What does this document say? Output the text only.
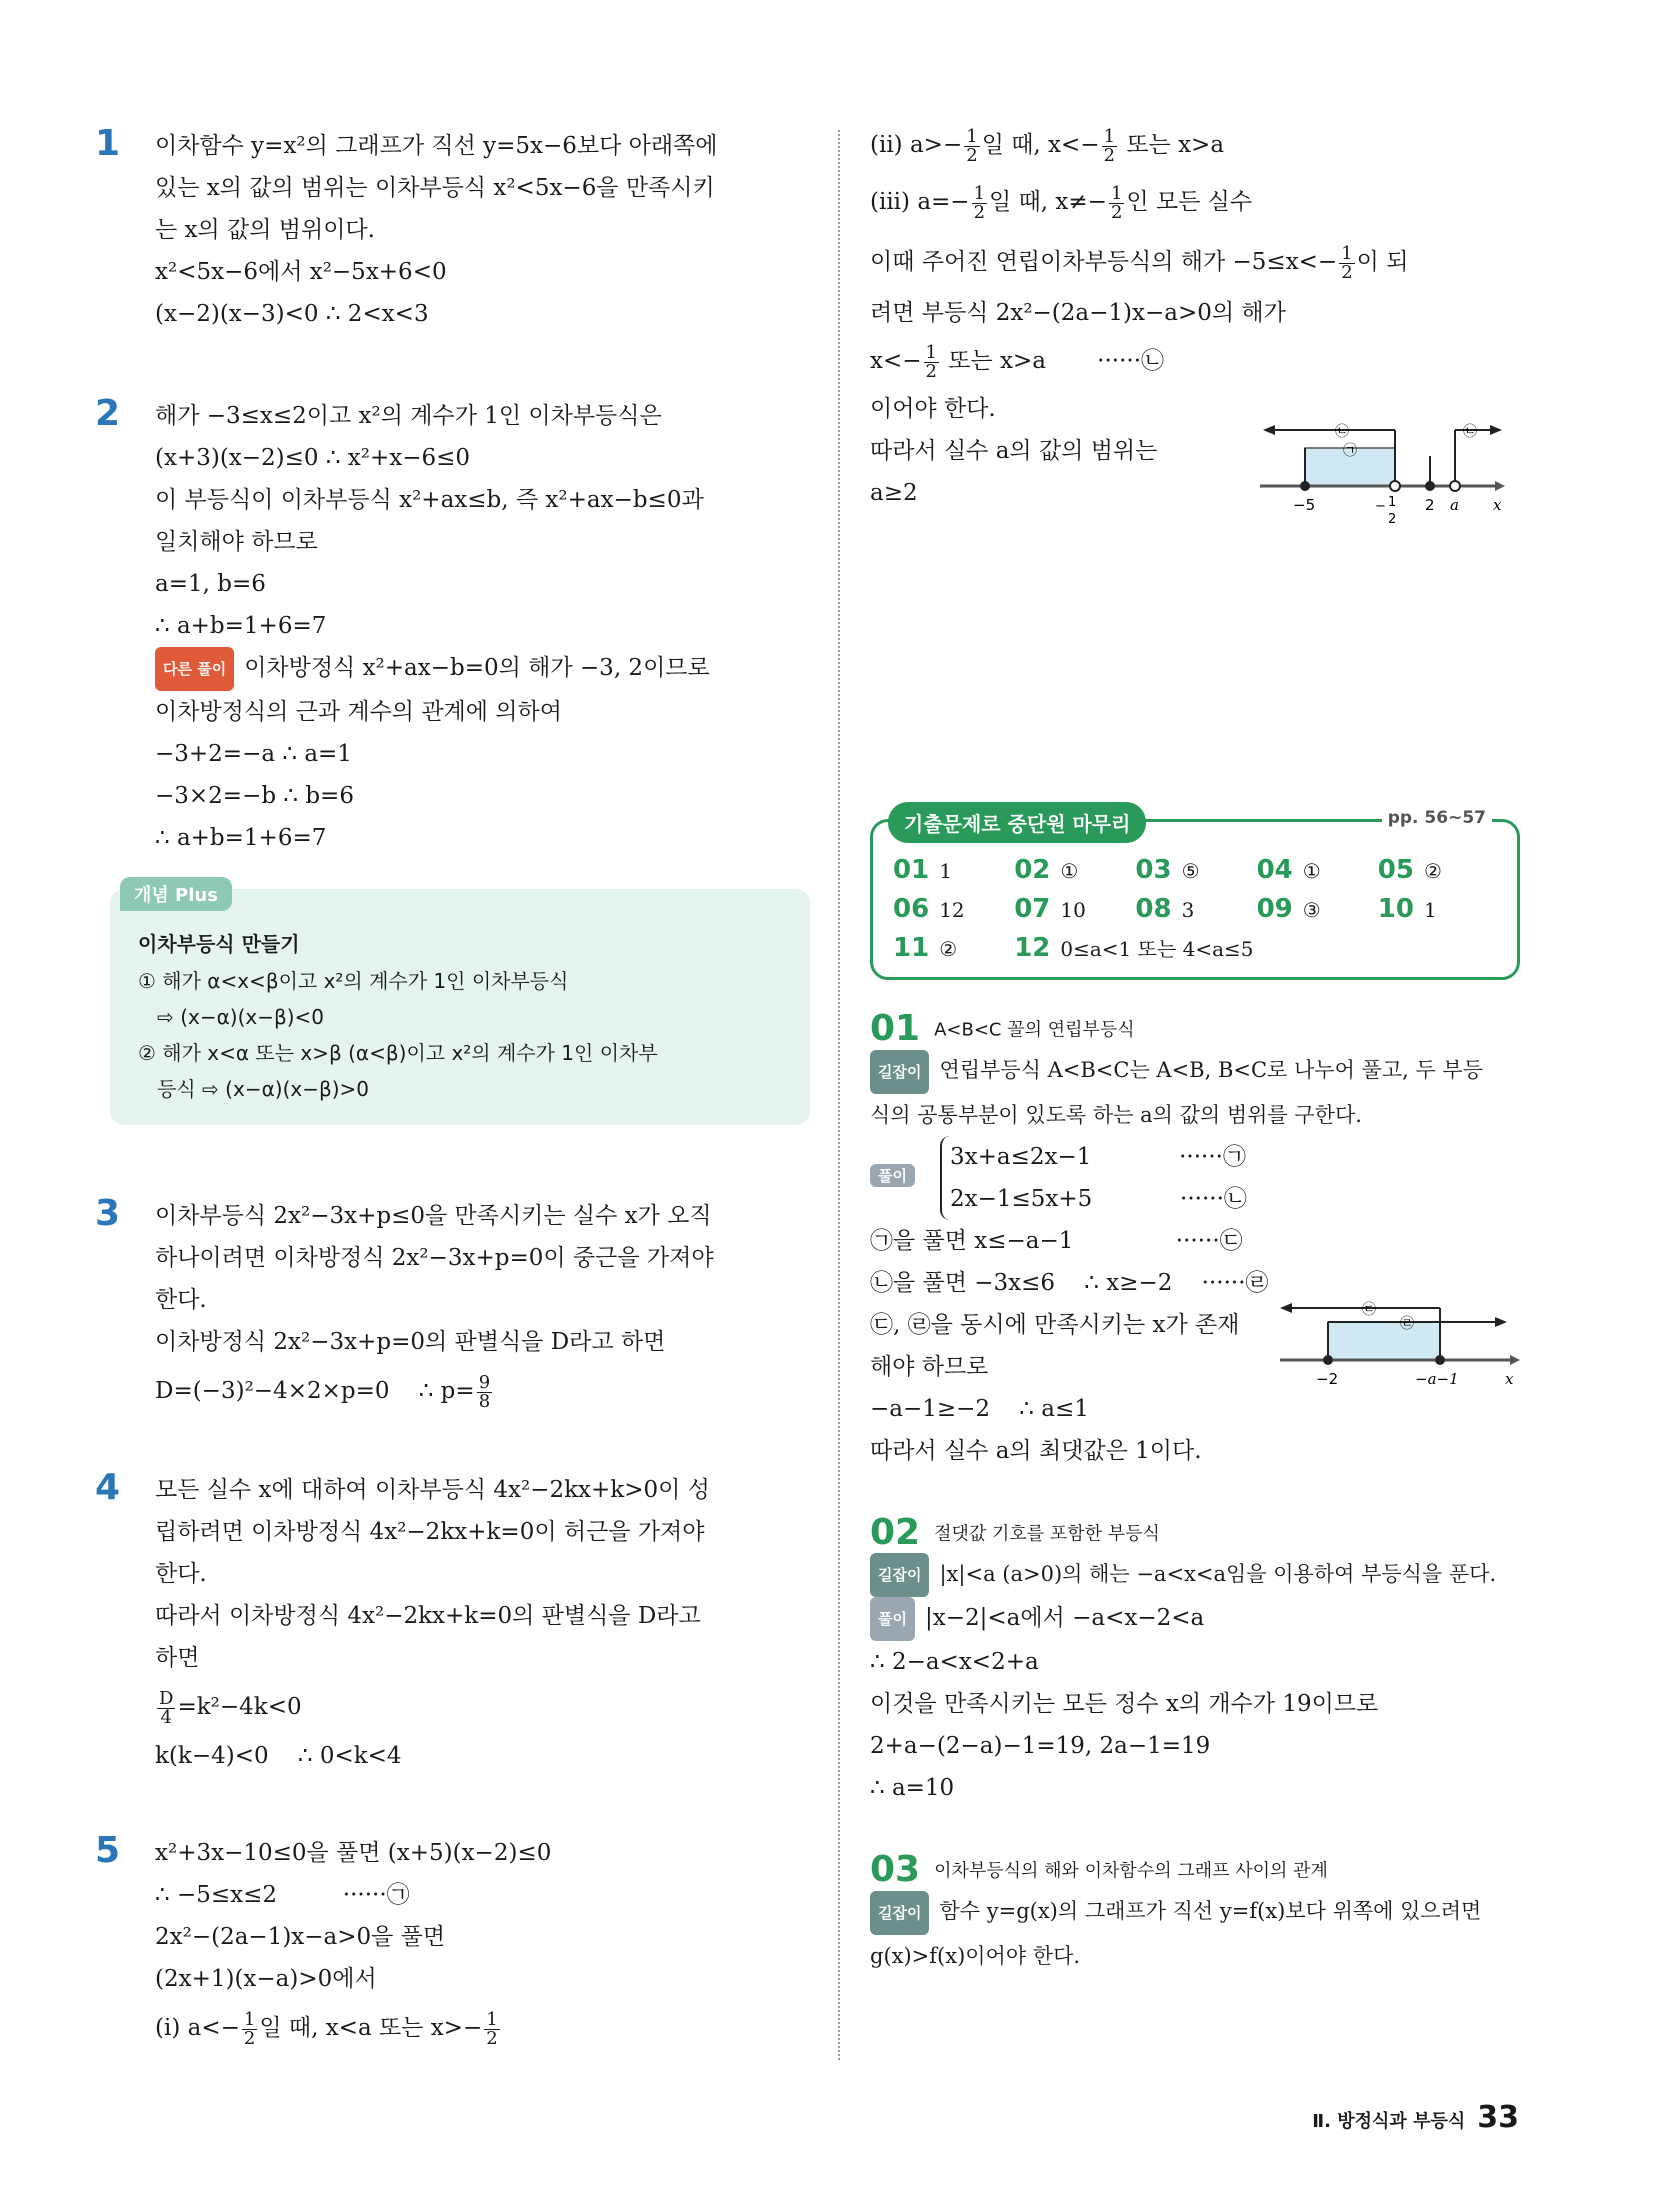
1 이차함수 y=x²의 그래프가 직선 y=5x−6보다 아래쪽에
있는 x의 값의 범위는 이차부등식 x²<5x−6을 만족시키
는 x의 값의 범위이다.
x²<5x−6에서 x²−5x+6<0
(x−2)(x−3)<0 ∴ 2<x<3
2 해가 −3≤x≤2이고 x²의 계수가 1인 이차부등식은
(x+3)(x−2)≤0 ∴ x²+x−6≤0
이 부등식이 이차부등식 x²+ax≤b, 즉 x²+ax−b≤0과
일치해야 하므로
a=1, b=6
∴ a+b=1+6=7
다른 풀이 이차방정식 x²+ax−b=0의 해가 −3, 2이므로
이차방정식의 근과 계수의 관계에 의하여
−3+2=−a ∴ a=1
−3×2=−b ∴ b=6
∴ a+b=1+6=7
개념 Plus
이차부등식 만들기
① 해가 α<x<β이고 x²의 계수가 1인 이차부등식
⇨ (x−α)(x−β)<0
② 해가 x<α 또는 x>β (α<β)이고 x²의 계수가 1인 이차부
등식 ⇨ (x−α)(x−β)>0
3 이차부등식 2x²−3x+p≤0을 만족시키는 실수 x가 오직
하나이려면 이차방정식 2x²−3x+p=0이 중근을 가져야
한다.
이차방정식 2x²−3x+p=0의 판별식을 D라고 하면
D=(−3)²−4×2×p=0    ∴ $p= \frac{9}{8}$
4 모든 실수 x에 대하여 이차부등식 4x²−2kx+k>0이 성
립하려면 이차방정식 4x²−2kx+k=0이 허근을 가져야
한다.
따라서 이차방정식 4x²−2kx+k=0의 판별식을 D라고
하면
$\frac{D}{4} =k^2-4k<0$
k(k−4)<0    ∴ 0<k<4
5 x²+3x−10≤0을 풀면 (x+5)(x−2)≤0
∴ −5≤x≤2         ······㉠
2x²−(2a−1)x−a>0을 풀면
(2x+1)(x−a)>0에서
(i) $a<- \frac{1}{2}$ 일 때, x<a 또는 $x>- \frac{1}{2}$
(ii) $a>- \frac{1}{2}$ 일 때, $x<- \frac{1}{2}$ 또는 x>a
(iii) $a=- \frac{1}{2}$ 일 때, $x\ne- \frac{1}{2}$ 인 모든 실수
이때 주어진 연립이차부등식의 해가 $-5\le x<- \frac{1}{2}$ 이 되
려면 부등식 2x²−(2a−1)x−a>0의 해가
$x<- \frac{1}{2}$ 또는 x>a       ······㉡
이어야 한다.
따라서 실수 a의 값의 범위는
a≥2	−5	− 1
2
2 a x
㉡
㉠
㉡
기출문제로 중단원 마무리	pp. 56~57
01 1	02 ①	03 ⑤	04 ①	05 ②
06 12	07 10	08 3	09 ③	10 1
11 ②	12 0≤a<1 또는 4<a≤5
01 A<B<C 꼴의 연립부등식
길잡이 연립부등식 A<B<C는 A<B, B<C로 나누어 풀고, 두 부등
식의 공통부분이 있도록 하는 a의 값의 범위를 구한다.
풀이
3x+a≤2x−1            ······㉠
2x−1≤5x+5            ······㉡
㉠을 풀면 x≤−a−1              ······㉢
㉡을 풀면 −3x≤6    ∴ x≥−2    ······㉣
㉢, ㉣을 동시에 만족시키는 x가 존재
해야 하므로
−a−1≥−2    ∴ a≤1
따라서 실수 a의 최댓값은 1이다.
−2	−a−1	x
㉢
㉣
02 절댓값 기호를 포함한 부등식
길잡이 |x|<a (a>0)의 해는 −a<x<a임을 이용하여 부등식을 푼다.
풀이 |x−2|<a에서 −a<x−2<a
∴ 2−a<x<2+a
이것을 만족시키는 모든 정수 x의 개수가 19이므로
2+a−(2−a)−1=19, 2a−1=19
∴ a=10
03 이차부등식의 해와 이차함수의 그래프 사이의 관계
길잡이 함수 y=g(x)의 그래프가 직선 y=f(x)보다 위쪽에 있으려면
g(x)>f(x)이어야 한다.
Ⅱ. 방정식과 부등식 33
